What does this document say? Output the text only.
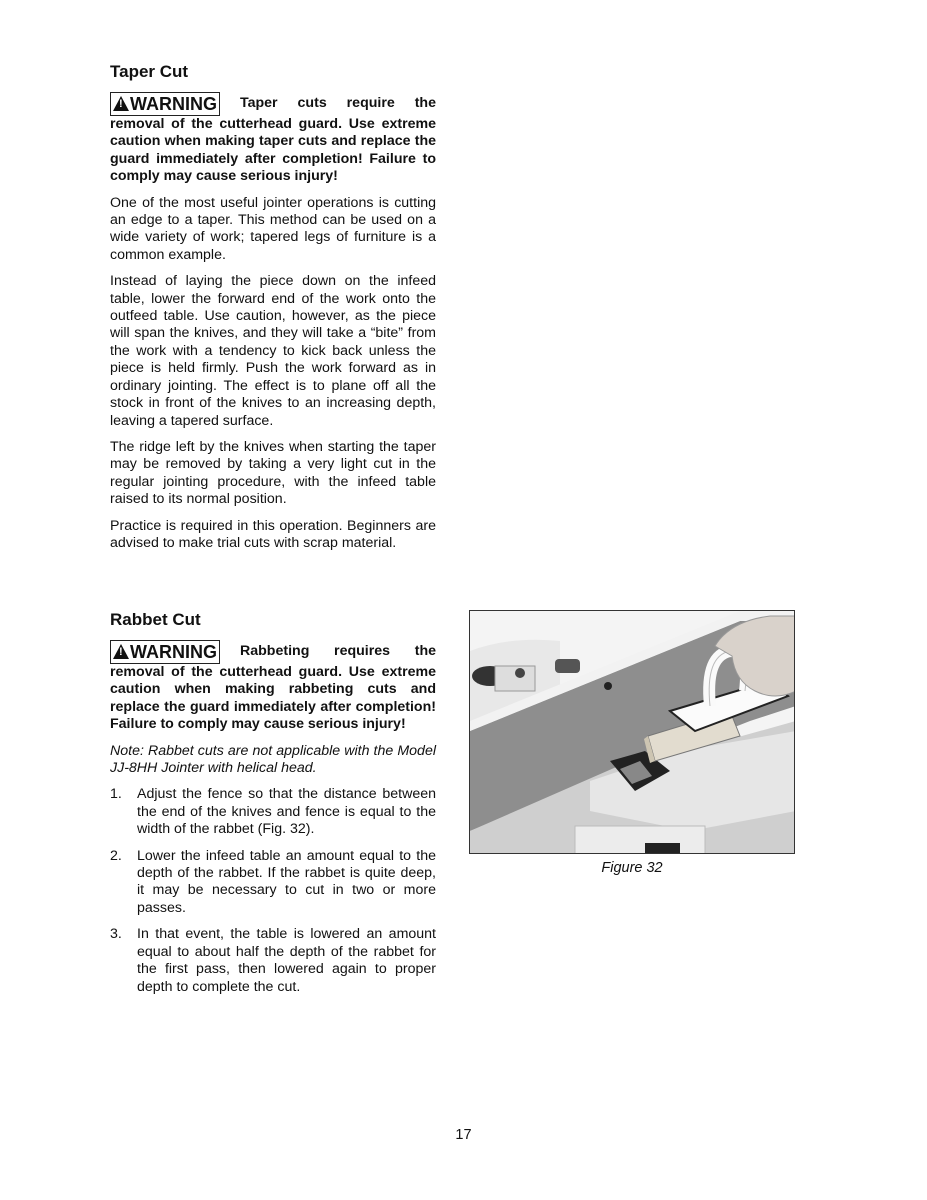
Taper Cut

!WARNING Taper cuts require the removal of the cutterhead guard. Use extreme caution when making taper cuts and replace the guard immediately after completion! Failure to comply may cause serious injury!

One of the most useful jointer operations is cutting an edge to a taper. This method can be used on a wide variety of work; tapered legs of furniture is a common example.

Instead of laying the piece down on the infeed table, lower the forward end of the work onto the outfeed table. Use caution, however, as the piece will span the knives, and they will take a “bite” from the work with a tendency to kick back unless the piece is held firmly. Push the work forward as in ordinary jointing. The effect is to plane off all the stock in front of the knives to an increasing depth, leaving a tapered surface.

The ridge left by the knives when starting the taper may be removed by taking a very light cut in the regular jointing procedure, with the infeed table raised to its normal position.

Practice is required in this operation. Beginners are advised to make trial cuts with scrap material.

Rabbet Cut

!WARNING Rabbeting requires the removal of the cutterhead guard. Use extreme caution when making rabbeting cuts and replace the guard immediately after completion! Failure to comply may cause serious injury!

Note: Rabbet cuts are not applicable with the Model JJ-8HH Jointer with helical head.

1. Adjust the fence so that the distance between the end of the knives and fence is equal to the width of the rabbet (Fig. 32).
2. Lower the infeed table an amount equal to the depth of the rabbet. If the rabbet is quite deep, it may be necessary to cut in two or more passes.
3. In that event, the table is lowered an amount equal to about half the depth of the rabbet for the first pass, then lowered again to proper depth to complete the cut.
Figure 32
17
